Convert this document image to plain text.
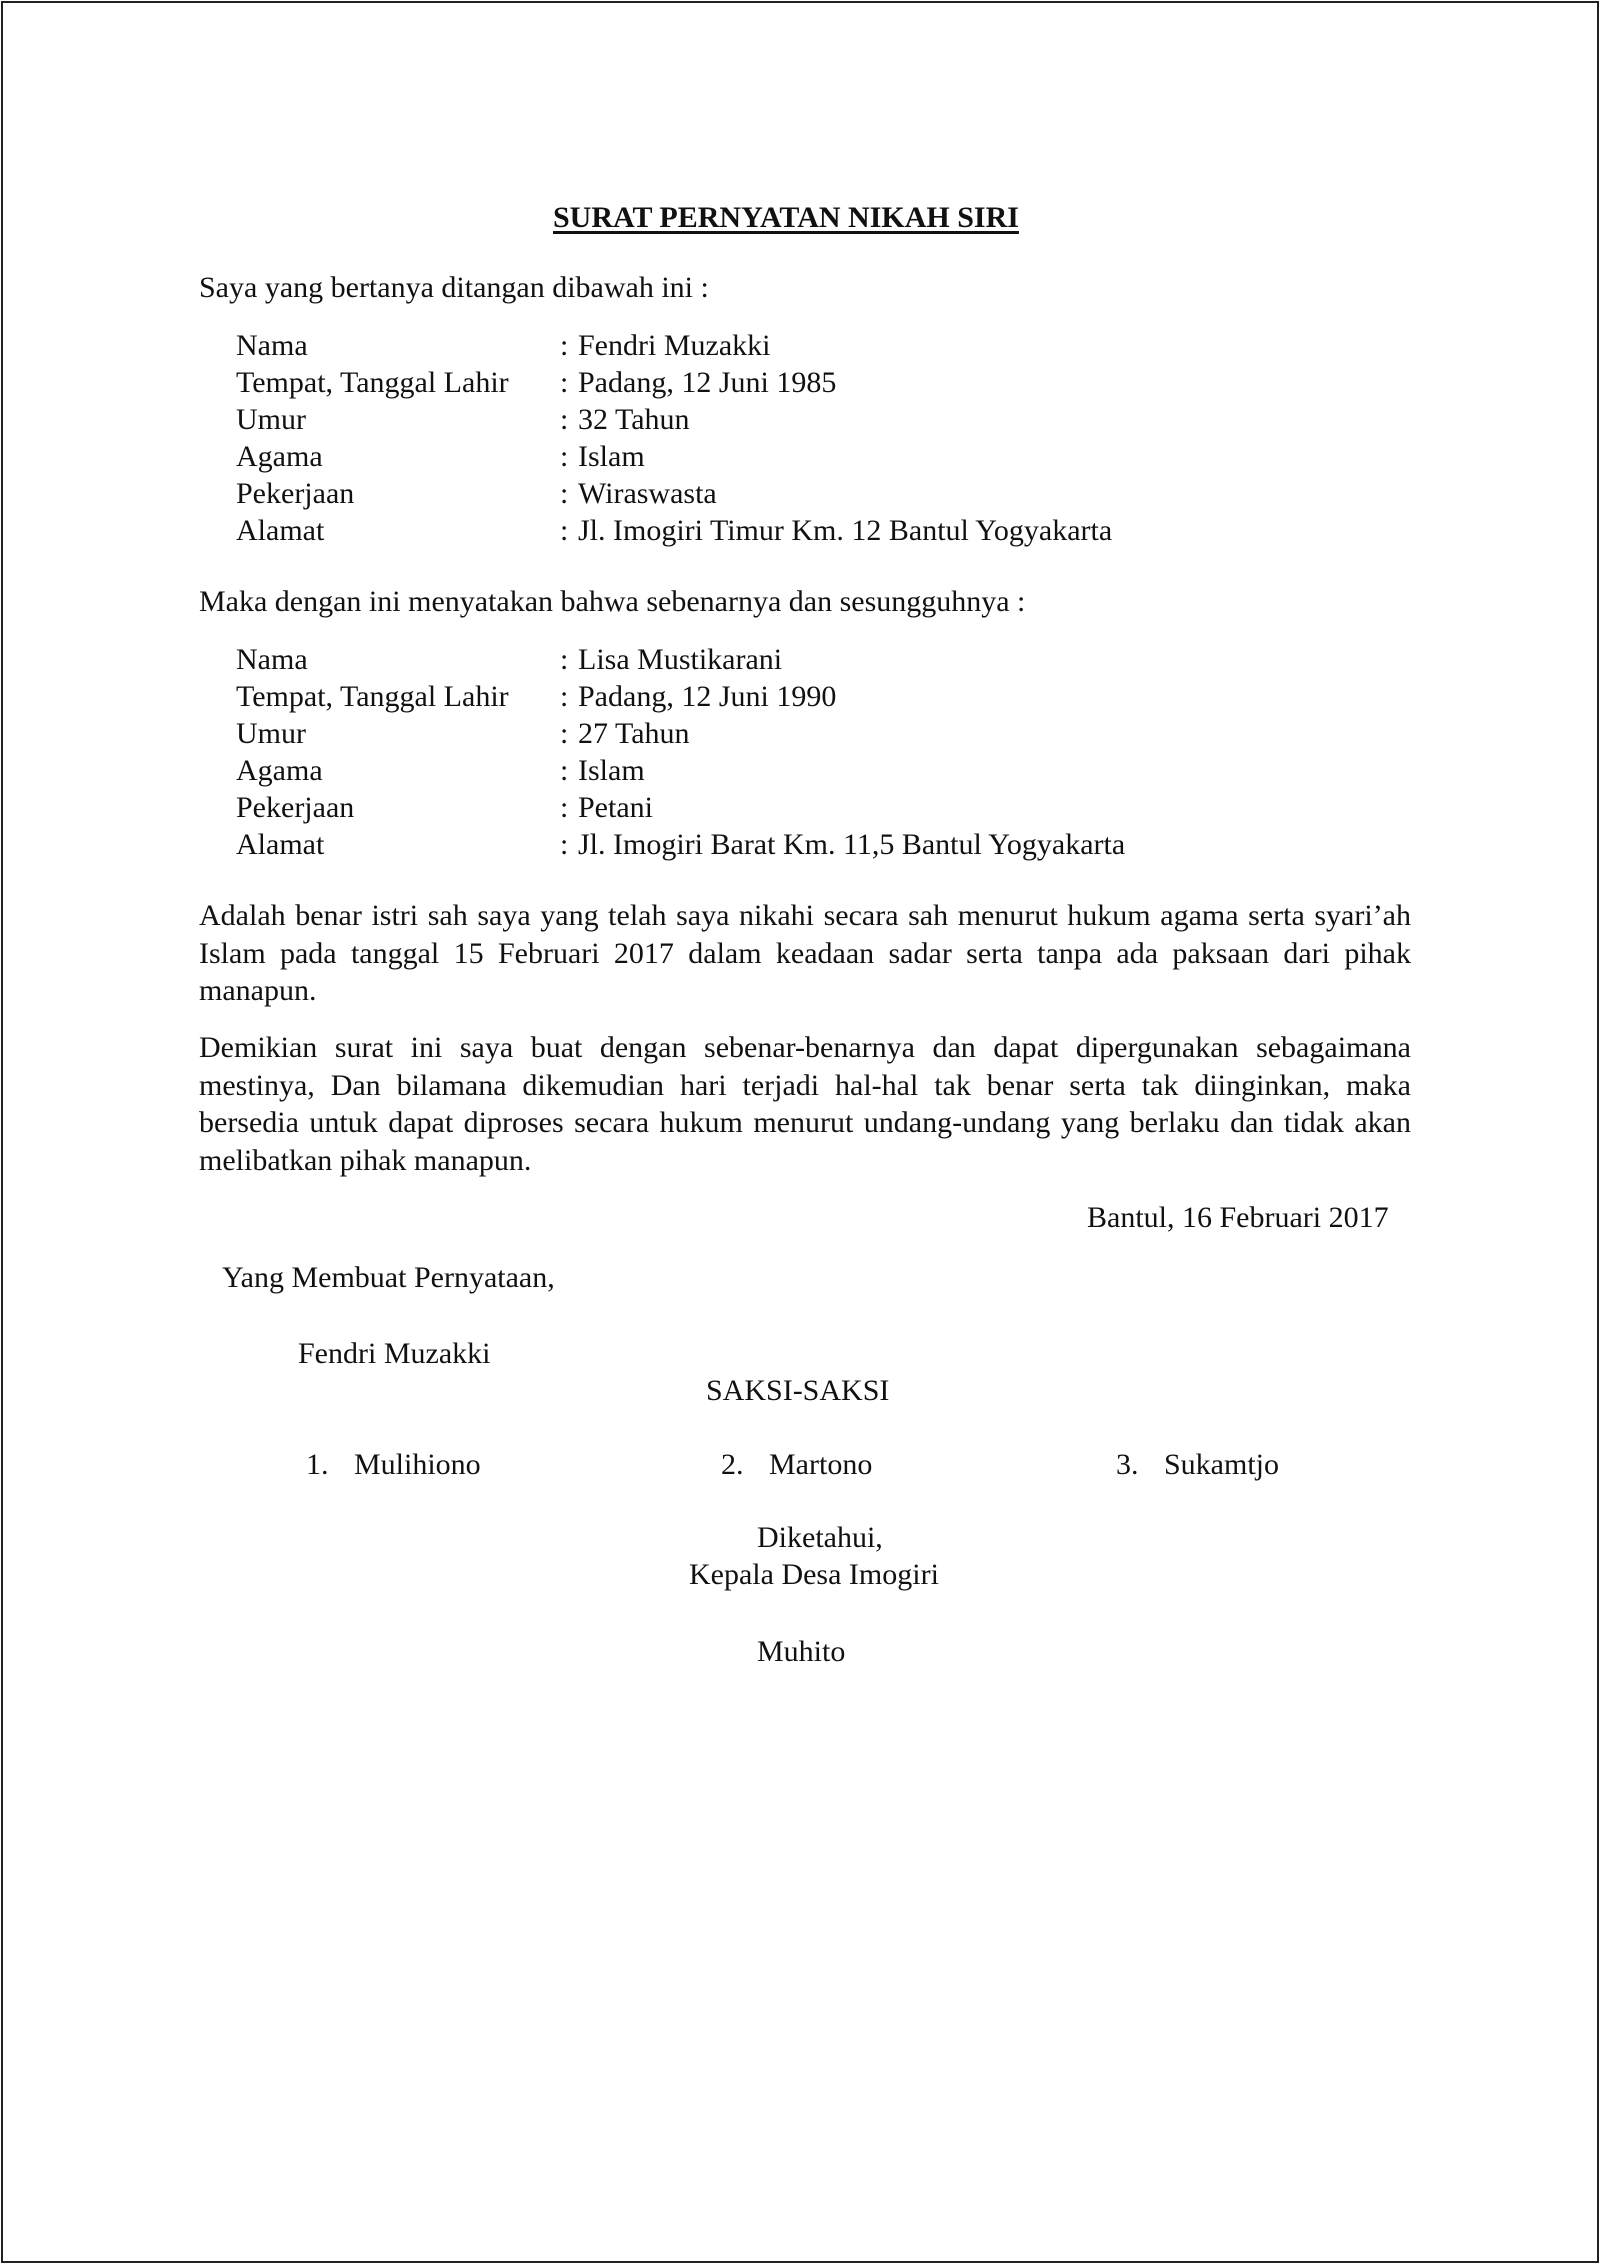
SURAT PERNYATAN NIKAH SIRI
Saya yang bertanya ditangan dibawah ini :
Nama	: Fendri Muzakki
Tempat, Tanggal Lahir	: Padang, 12 Juni 1985
Umur	: 32 Tahun
Agama	: Islam
Pekerjaan	: Wiraswasta
Alamat	: Jl. Imogiri Timur Km. 12 Bantul Yogyakarta
Maka dengan ini menyatakan bahwa sebenarnya dan sesungguhnya :
Nama	: Lisa Mustikarani
Tempat, Tanggal Lahir	: Padang, 12 Juni 1990
Umur	: 27 Tahun
Agama	: Islam
Pekerjaan	: Petani
Alamat	: Jl. Imogiri Barat Km. 11,5 Bantul Yogyakarta
Adalah benar istri sah saya yang telah saya nikahi secara sah menurut hukum agama serta syari’ah Islam pada tanggal 15 Februari 2017 dalam keadaan sadar serta tanpa ada paksaan dari pihak manapun.
Demikian surat ini saya buat dengan sebenar-benarnya dan dapat dipergunakan sebagaimana mestinya, Dan bilamana dikemudian hari terjadi hal-hal tak benar serta tak diinginkan, maka bersedia untuk dapat diproses secara hukum menurut undang-undang yang berlaku dan tidak akan melibatkan pihak manapun.
Bantul, 16 Februari 2017
Yang Membuat Pernyataan,
Fendri Muzakki
SAKSI-SAKSI
1. Mulihiono	2. Martono	3. Sukamtjo
Diketahui,
Kepala Desa Imogiri
Muhito
